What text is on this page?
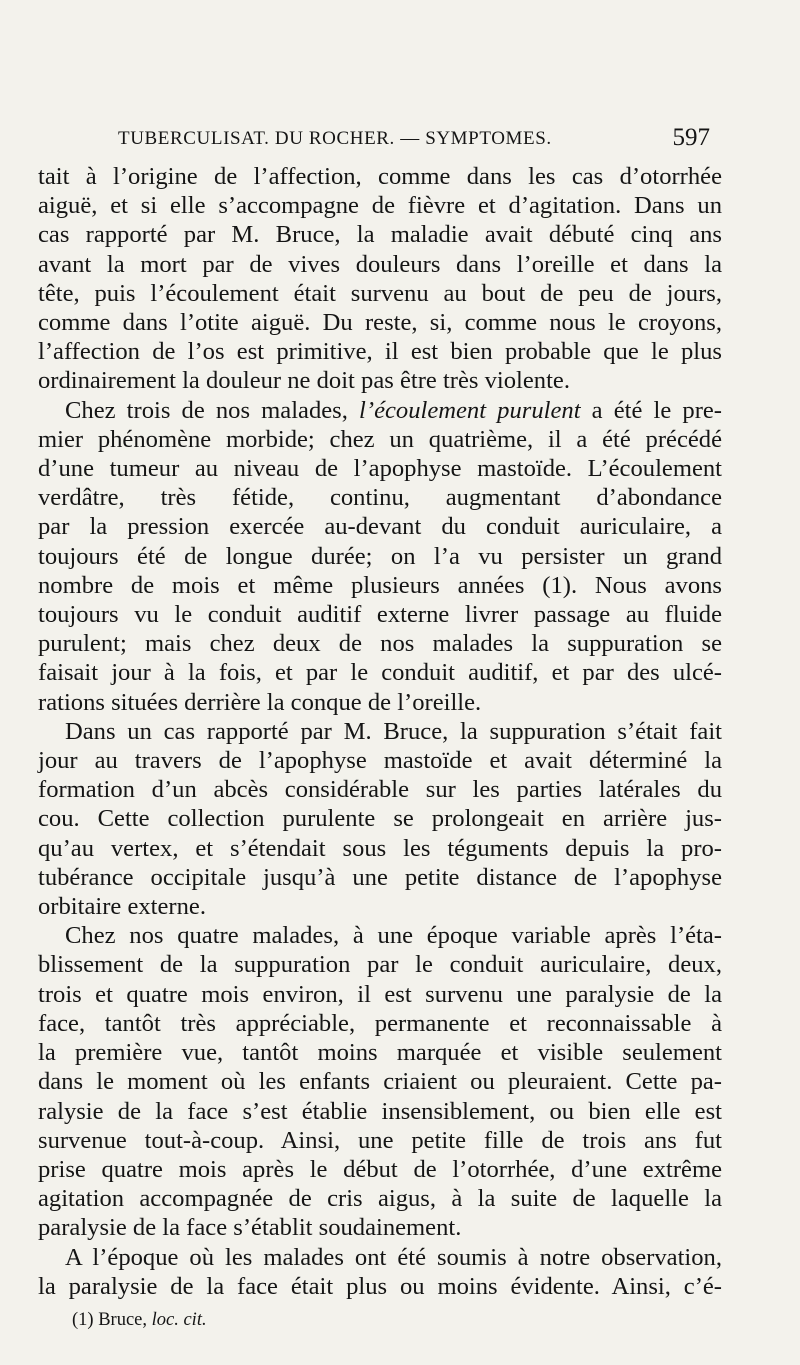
TUBERCULISAT. DU ROCHER. — SYMPTOMES.	597

tait à l’origine de l’affection, comme dans les cas d’otorrhée
aiguë, et si elle s’accompagne de fièvre et d’agitation. Dans un
cas rapporté par M. Bruce, la maladie avait débuté cinq ans
avant la mort par de vives douleurs dans l’oreille et dans la
tête, puis l’écoulement était survenu au bout de peu de jours,
comme dans l’otite aiguë. Du reste, si, comme nous le croyons,
l’affection de l’os est primitive, il est bien probable que le plus
ordinairement la douleur ne doit pas être très violente.

Chez trois de nos malades, l’écoulement purulent a été le pre-
mier phénomène morbide; chez un quatrième, il a été précédé
d’une tumeur au niveau de l’apophyse mastoïde. L’écoulement
verdâtre, très fétide, continu, augmentant d’abondance
par la pression exercée au-devant du conduit auriculaire, a
toujours été de longue durée; on l’a vu persister un grand
nombre de mois et même plusieurs années (1). Nous avons
toujours vu le conduit auditif externe livrer passage au fluide
purulent; mais chez deux de nos malades la suppuration se
faisait jour à la fois, et par le conduit auditif, et par des ulcé-
rations situées derrière la conque de l’oreille.

Dans un cas rapporté par M. Bruce, la suppuration s’était fait
jour au travers de l’apophyse mastoïde et avait déterminé la
formation d’un abcès considérable sur les parties latérales du
cou. Cette collection purulente se prolongeait en arrière jus-
qu’au vertex, et s’étendait sous les téguments depuis la pro-
tubérance occipitale jusqu’à une petite distance de l’apophyse
orbitaire externe.

Chez nos quatre malades, à une époque variable après l’éta-
blissement de la suppuration par le conduit auriculaire, deux,
trois et quatre mois environ, il est survenu une paralysie de la
face, tantôt très appréciable, permanente et reconnaissable à
la première vue, tantôt moins marquée et visible seulement
dans le moment où les enfants criaient ou pleuraient. Cette pa-
ralysie de la face s’est établie insensiblement, ou bien elle est
survenue tout-à-coup. Ainsi, une petite fille de trois ans fut
prise quatre mois après le début de l’otorrhée, d’une extrême
agitation accompagnée de cris aigus, à la suite de laquelle la
paralysie de la face s’établit soudainement.

A l’époque où les malades ont été soumis à notre observation,
la paralysie de la face était plus ou moins évidente. Ainsi, c’é-

(1) Bruce, loc. cit.
